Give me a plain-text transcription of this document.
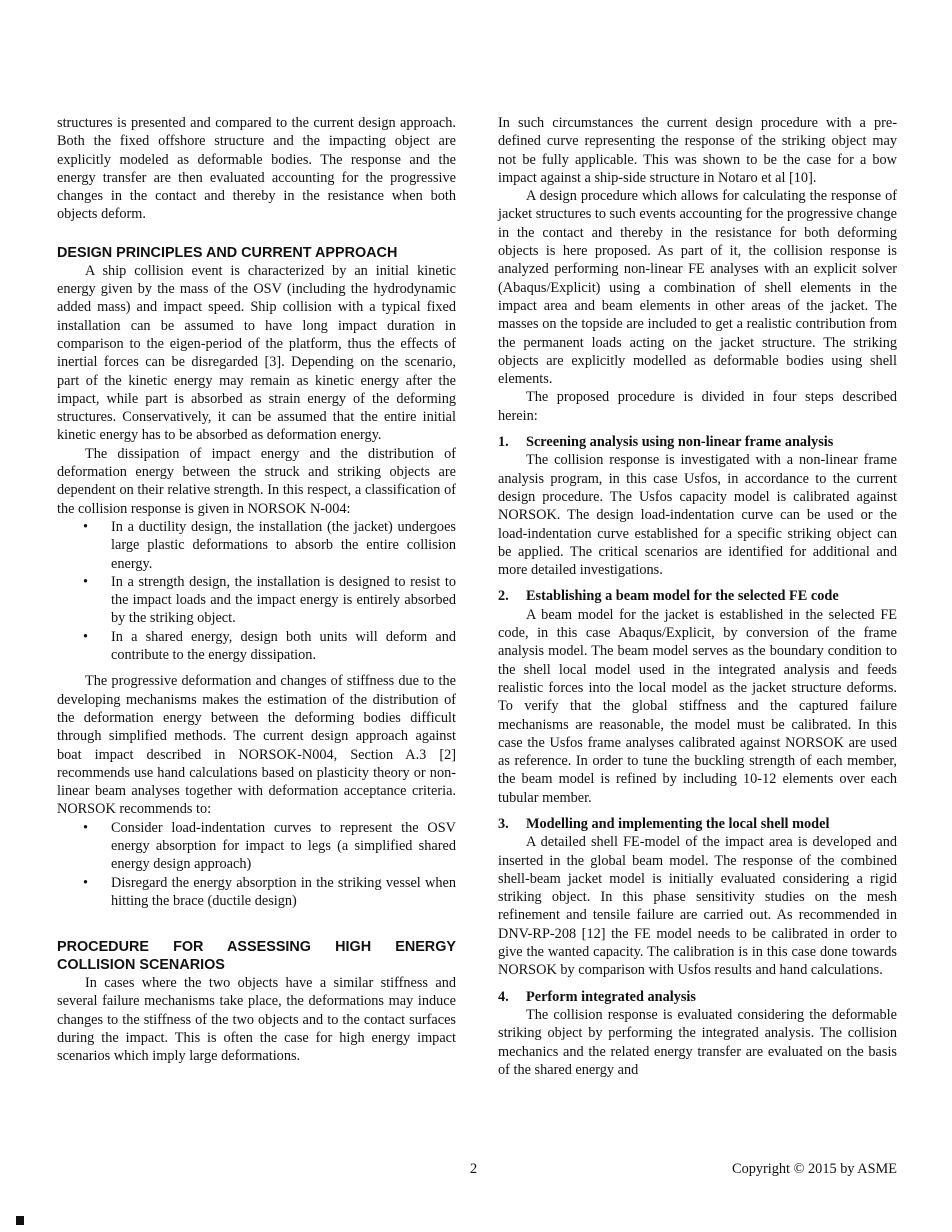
structures is presented and compared to the current design approach. Both the fixed offshore structure and the impacting object are explicitly modeled as deformable bodies. The response and the energy transfer are then evaluated accounting for the progressive changes in the contact and thereby in the resistance when both objects deform.

DESIGN PRINCIPLES AND CURRENT APPROACH

A ship collision event is characterized by an initial kinetic energy given by the mass of the OSV (including the hydrodynamic added mass) and impact speed. Ship collision with a typical fixed installation can be assumed to have long impact duration in comparison to the eigen-period of the platform, thus the effects of inertial forces can be disregarded [3]. Depending on the scenario, part of the kinetic energy may remain as kinetic energy after the impact, while part is absorbed as strain energy of the deforming structures. Conservatively, it can be assumed that the entire initial kinetic energy has to be absorbed as deformation energy.

The dissipation of impact energy and the distribution of deformation energy between the struck and striking objects are dependent on their relative strength. In this respect, a classification of the collision response is given in NORSOK N-004:

• In a ductility design, the installation (the jacket) undergoes large plastic deformations to absorb the entire collision energy.
• In a strength design, the installation is designed to resist to the impact loads and the impact energy is entirely absorbed by the striking object.
• In a shared energy, design both units will deform and contribute to the energy dissipation.

The progressive deformation and changes of stiffness due to the developing mechanisms makes the estimation of the distribution of the deformation energy between the deforming bodies difficult through simplified methods. The current design approach against boat impact described in NORSOK-N004, Section A.3 [2] recommends use hand calculations based on plasticity theory or non-linear beam analyses together with deformation acceptance criteria. NORSOK recommends to:

• Consider load-indentation curves to represent the OSV energy absorption for impact to legs (a simplified shared energy design approach)
• Disregard the energy absorption in the striking vessel when hitting the brace (ductile design)
PROCEDURE FOR ASSESSING HIGH ENERGY COLLISION SCENARIOS

In cases where the two objects have a similar stiffness and several failure mechanisms take place, the deformations may induce changes to the stiffness of the two objects and to the contact surfaces during the impact. This is often the case for high energy impact scenarios which imply large deformations.

In such circumstances the current design procedure with a pre-defined curve representing the response of the striking object may not be fully applicable. This was shown to be the case for a bow impact against a ship-side structure in Notaro et al [10].

A design procedure which allows for calculating the response of jacket structures to such events accounting for the progressive change in the contact and thereby in the resistance for both deforming objects is here proposed. As part of it, the collision response is analyzed performing non-linear FE analyses with an explicit solver (Abaqus/Explicit) using a combination of shell elements in the impact area and beam elements in other areas of the jacket. The masses on the topside are included to get a realistic contribution from the permanent loads acting on the jacket structure. The striking objects are explicitly modelled as deformable bodies using shell elements.

The proposed procedure is divided in four steps described herein:

1. Screening analysis using non-linear frame analysis

The collision response is investigated with a non-linear frame analysis program, in this case Usfos, in accordance to the current design procedure. The Usfos capacity model is calibrated against NORSOK. The design load-indentation curve can be used or the load-indentation curve established for a specific striking object can be applied. The critical scenarios are identified for additional and more detailed investigations.

2. Establishing a beam model for the selected FE code

A beam model for the jacket is established in the selected FE code, in this case Abaqus/Explicit, by conversion of the frame analysis model. The beam model serves as the boundary condition to the shell local model used in the integrated analysis and feeds realistic forces into the local model as the jacket structure deforms. To verify that the global stiffness and the captured failure mechanisms are reasonable, the model must be calibrated. In this case the Usfos frame analyses calibrated against NORSOK are used as reference. In order to tune the buckling strength of each member, the beam model is refined by including 10-12 elements over each tubular member.

3. Modelling and implementing the local shell model

A detailed shell FE-model of the impact area is developed and inserted in the global beam model. The response of the combined shell-beam jacket model is initially evaluated considering a rigid striking object. In this phase sensitivity studies on the mesh refinement and tensile failure are carried out. As recommended in DNV-RP-208 [12] the FE model needs to be calibrated in order to give the wanted capacity. The calibration is in this case done towards NORSOK by comparison with Usfos results and hand calculations.

4. Perform integrated analysis

The collision response is evaluated considering the deformable striking object by performing the integrated analysis. The collision mechanics and the related energy transfer are evaluated on the basis of the shared energy and

2	Copyright © 2015 by ASME
